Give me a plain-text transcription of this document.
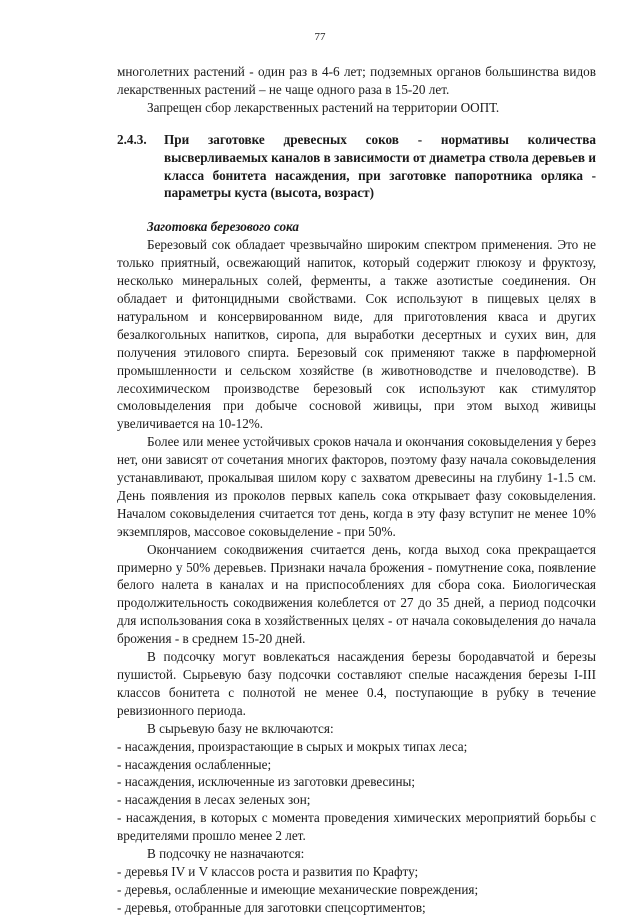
77

многолетних растений - один раз в 4-6 лет; подземных органов большинства видов лекарственных растений – не чаще одного раза в 15-20 лет.

Запрещен сбор лекарственных растений на территории ООПТ.

2.4.3.	При заготовке древесных соков - нормативы количества высверливаемых каналов в зависимости от диаметра ствола деревьев и класса бонитета насаждения, при заготовке папоротника орляка - параметры куста (высота, возраст)

Заготовка березового сока

Березовый сок обладает чрезвычайно широким спектром применения. Это не только приятный, освежающий напиток, который содержит глюкозу и фруктозу, несколько минеральных солей, ферменты, а также азотистые соединения. Он обладает и фитонцидными свойствами. Сок используют в пищевых целях в натуральном и консервированном виде, для приготовления кваса и других безалкогольных напитков, сиропа, для выработки десертных и сухих вин, для получения этилового спирта. Березовый сок применяют также в парфюмерной промышленности и сельском хозяйстве (в животноводстве и пчеловодстве). В лесохимическом производстве березовый сок используют как стимулятор смоловыделения при добыче сосновой живицы, при этом выход живицы увеличивается на 10-12%.

Более или менее устойчивых сроков начала и окончания соковыделения у берез нет, они зависят от сочетания многих факторов, поэтому фазу начала соковыделения устанавливают, прокалывая шилом кору с захватом древесины на глубину 1-1.5 см. День появления из проколов первых капель сока открывает фазу соковыделения. Началом соковыделения считается тот день, когда в эту фазу вступит не менее 10% экземпляров, массовое соковыделение - при 50%.

Окончанием сокодвижения считается день, когда выход сока прекращается примерно у 50% деревьев. Признаки начала брожения - помутнение сока, появление белого налета в каналах и на приспособлениях для сбора сока. Биологическая продолжительность сокодвижения колеблется от 27 до 35 дней, а период подсочки для использования сока в хозяйственных целях - от начала соковыделения до начала брожения - в среднем 15-20 дней.

В подсочку могут вовлекаться насаждения березы бородавчатой и березы пушистой. Сырьевую базу подсочки составляют спелые насаждения березы I-III классов бонитета с полнотой не менее 0.4, поступающие в рубку в течение ревизионного периода.

В сырьевую базу не включаются:

- насаждения, произрастающие в сырых и мокрых типах леса;

- насаждения ослабленные;

- насаждения, исключенные из заготовки древесины;

- насаждения в лесах зеленых зон;

- насаждения, в которых с момента проведения химических мероприятий борьбы с вредителями прошло менее 2 лет.

В подсочку не назначаются:

- деревья IV и V классов роста и развития по Крафту;

- деревья, ослабленные и имеющие механические повреждения;

- деревья, отобранные для заготовки спецсортиментов;
